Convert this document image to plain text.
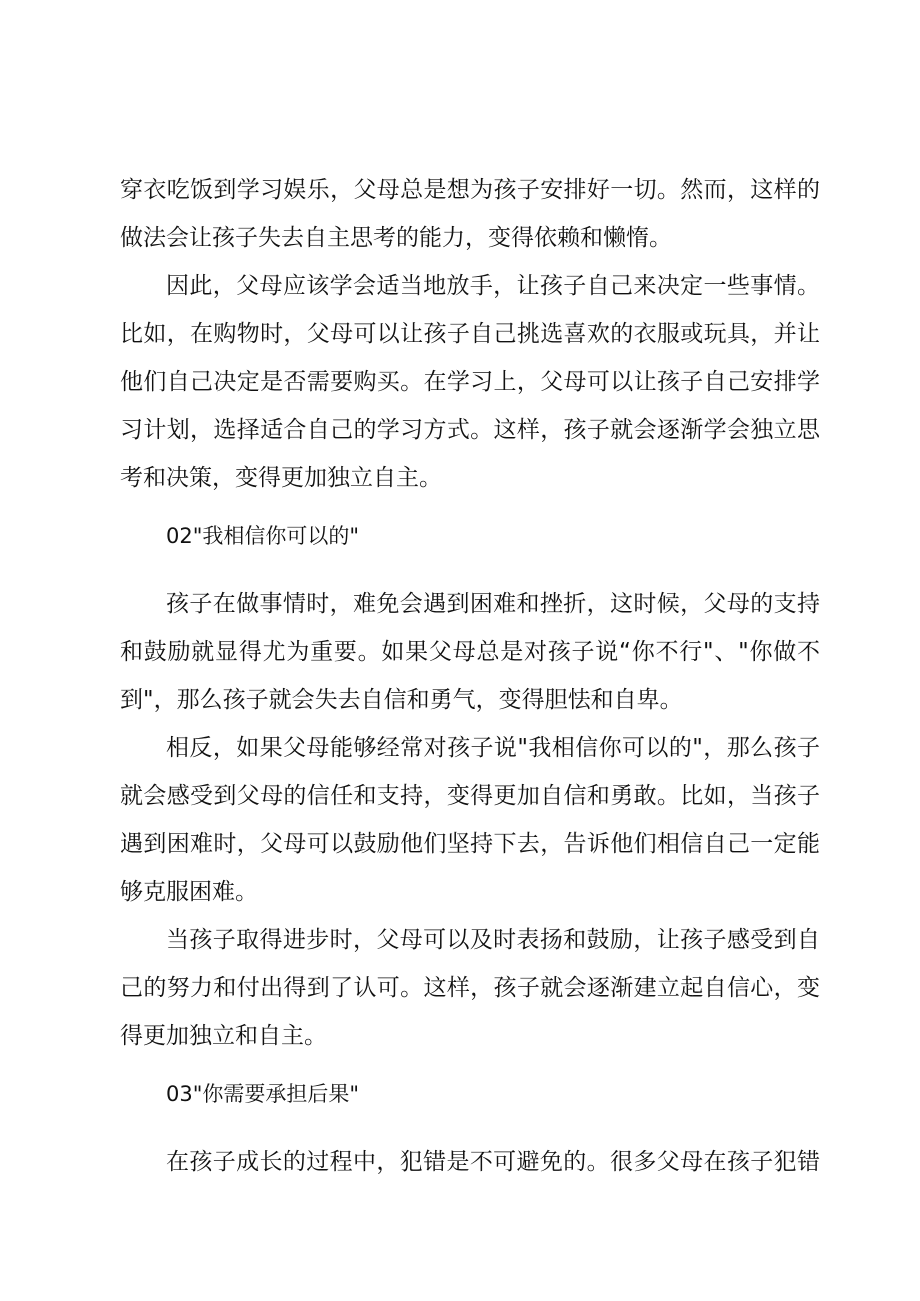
穿衣吃饭到学习娱乐，父母总是想为孩子安排好一切。然而，这样的
做法会让孩子失去自主思考的能力，变得依赖和懒惰。
因此，父母应该学会适当地放手，让孩子自己来决定一些事情。
比如，在购物时，父母可以让孩子自己挑选喜欢的衣服或玩具，并让
他们自己决定是否需要购买。在学习上，父母可以让孩子自己安排学
习计划，选择适合自己的学习方式。这样，孩子就会逐渐学会独立思
考和决策，变得更加独立自主。
02"我相信你可以的"
孩子在做事情时，难免会遇到困难和挫折，这时候，父母的支持
和鼓励就显得尤为重要。如果父母总是对孩子说“你不行"、"你做不
到"，那么孩子就会失去自信和勇气，变得胆怯和自卑。
相反，如果父母能够经常对孩子说"我相信你可以的"，那么孩子
就会感受到父母的信任和支持，变得更加自信和勇敢。比如，当孩子
遇到困难时，父母可以鼓励他们坚持下去，告诉他们相信自己一定能
够克服困难。
当孩子取得进步时，父母可以及时表扬和鼓励，让孩子感受到自
己的努力和付出得到了认可。这样，孩子就会逐渐建立起自信心，变
得更加独立和自主。
03"你需要承担后果"
在孩子成长的过程中，犯错是不可避免的。很多父母在孩子犯错
